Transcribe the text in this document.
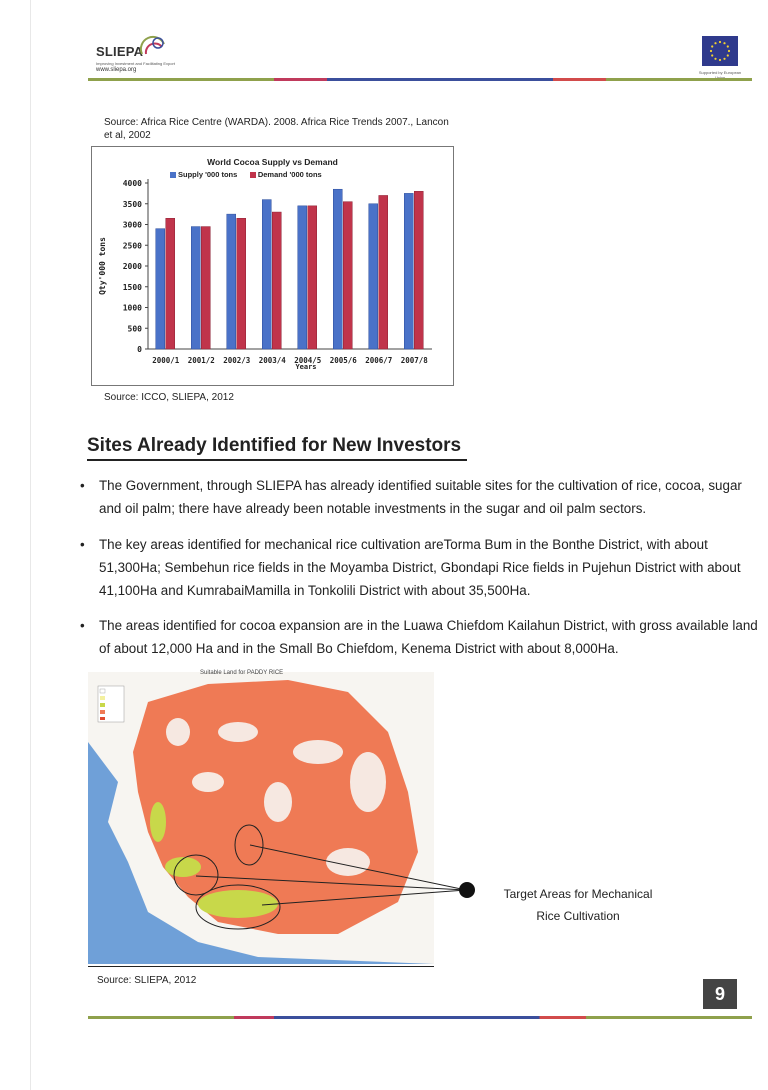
SLIEPA
Improving Investment and Facilitating Export
www.sliepa.org	Supported by European
Source: Africa Rice Centre (WARDA). 2008. Africa Rice Trends 2007., Lancon et al, 2002
World Cocoa Supply vs Demand
Supply '000 tons	Demand '000 tons
0
500
1000
1500
2000
2500
3000
3500
4000
Qty'000 tons
2000/1 2001/2 2002/3 2003/4 2004/5 2005/6 2006/7 2007/8
Years
Source: ICCO, SLIEPA, 2012
Sites Already Identified for New Investors
• The Government, through SLIEPA has already identified suitable sites for the cultivation of rice, cocoa, sugar and oil palm; there have already been notable investments in the sugar and oil palm sectors.
• The key areas identified for mechanical rice cultivation areTorma Bum in the Bonthe District, with about 51,300Ha; Sembehun rice fields in the Moyamba District, Gbondapi Rice fields in Pujehun District with about 41,100Ha and KumrabaiMamilla in Tonkolili District with about 35,500Ha.
• The areas identified for cocoa expansion are in the Luawa Chiefdom Kailahun District, with gross available land of about 12,000 Ha and in the Small Bo Chiefdom, Kenema District with about 8,000Ha.
Suitable Land for PADDY RICE
Target Areas for Mechanical
Rice Cultivation
Source: SLIEPA, 2012
9
